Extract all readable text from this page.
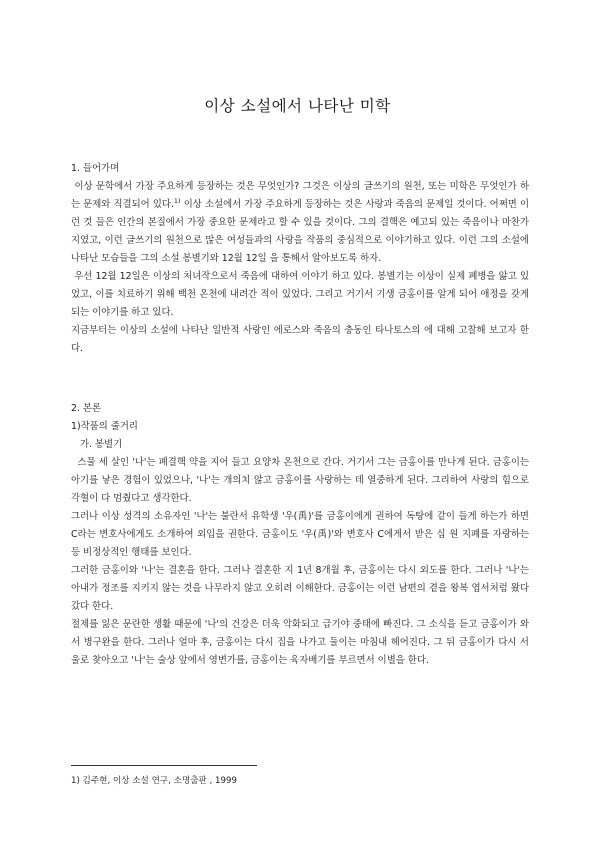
이상 소설에서 나타난 미학

1. 들어가며

이상 문학에서 가장 주요하게 등장하는 것은 무엇인가? 그것은 이상의 글쓰기의 원천, 또는 미학은 무엇인가 하는 문제와 직결되어 있다.$^{1)}$ 이상 소설에서 가장 주요하게 등장하는 것은 사랑과 죽음의 문제일 것이다. 어쩌면 이런 것 들은 인간의 본질에서 가장 중요한 문제라고 할 수 있을 것이다. 그의 결핵은 예고되 있는 죽음이나 마찬가지였고, 이런 글쓰기의 원천으로 많은 여성들과의 사랑을 작품의 중심적으로 이야기하고 있다. 이런 그의 소설에 나타난 모습들을 그의 소설 봉별기와 12월 12일 을 통해서 알아보도록 하자.

우선 12월 12일은 이상의 처녀작으로서 죽음에 대하여 이야기 하고 있다. 봉별기는 이상이 실제 폐병을 앓고 있었고, 이를 치료하기 위해 백천 온천에 내려간 적이 있었다. 그리고 거기서 기생 금홍이를 알게 되어 애정을 갖게되는 이야기를 하고 있다.

지금부터는 이상의 소설에 나타난 일반적 사랑인 에로스와 죽음의 충동인 타나토스의 에 대해 고찰해 보고자 한다.

2. 본론

1)작품의 줄거리

가. 봉별기

스물 세 살인 '나'는 폐결핵 약을 지어 들고 요양차 온천으로 간다. 거기서 그는 금홍이를 만나게 된다. 금홍이는 아기를 낳은 경험이 있었으나, '나'는 개의치 않고 금홍이를 사랑하는 데 열중하게 된다. 그리하여 사랑의 힘으로 각혈이 다 멈췄다고 생각한다.

그러나 이상 성격의 소유자인 '나'는 불란서 유학생 '우(禹)'를 금홍이에게 권하여 독탕에 같이 들게 하는가 하면 C라는 변호사에게도 소개하여 외입을 권한다. 금홍이도 '우(禹)'와 변호사 C에게서 받은 십 원 지폐를 자랑하는 등 비정상적인 행태를 보인다.

그러한 금홍이와 '나'는 결혼을 한다. 그러나 결혼한 지 1년 8개월 후, 금홍이는 다시 외도를 한다. 그러나 '나'는 아내가 정조를 지키지 않는 것을 나무라지 않고 오히려 이해한다. 금홍이는 이런 남편의 곁을 왕복 엽서처럼 왔다갔다 한다.

절제를 잃은 문란한 생활 때문에 '나'의 건강은 더욱 악화되고 급기야 중태에 빠진다. 그 소식을 듣고 금홍이가 와서 병구완을 한다. 그러나 얼마 후, 금홍이는 다시 집을 나가고 둘이는 마침내 헤어진다. 그 뒤 금홍이가 다시 서울로 찾아오고 '나'는 술상 앞에서 영변가를, 금홍이는 육자배기를 부르면서 이별을 한다.

1) 김주현, 이상 소설 연구, 소명출판 , 1999
